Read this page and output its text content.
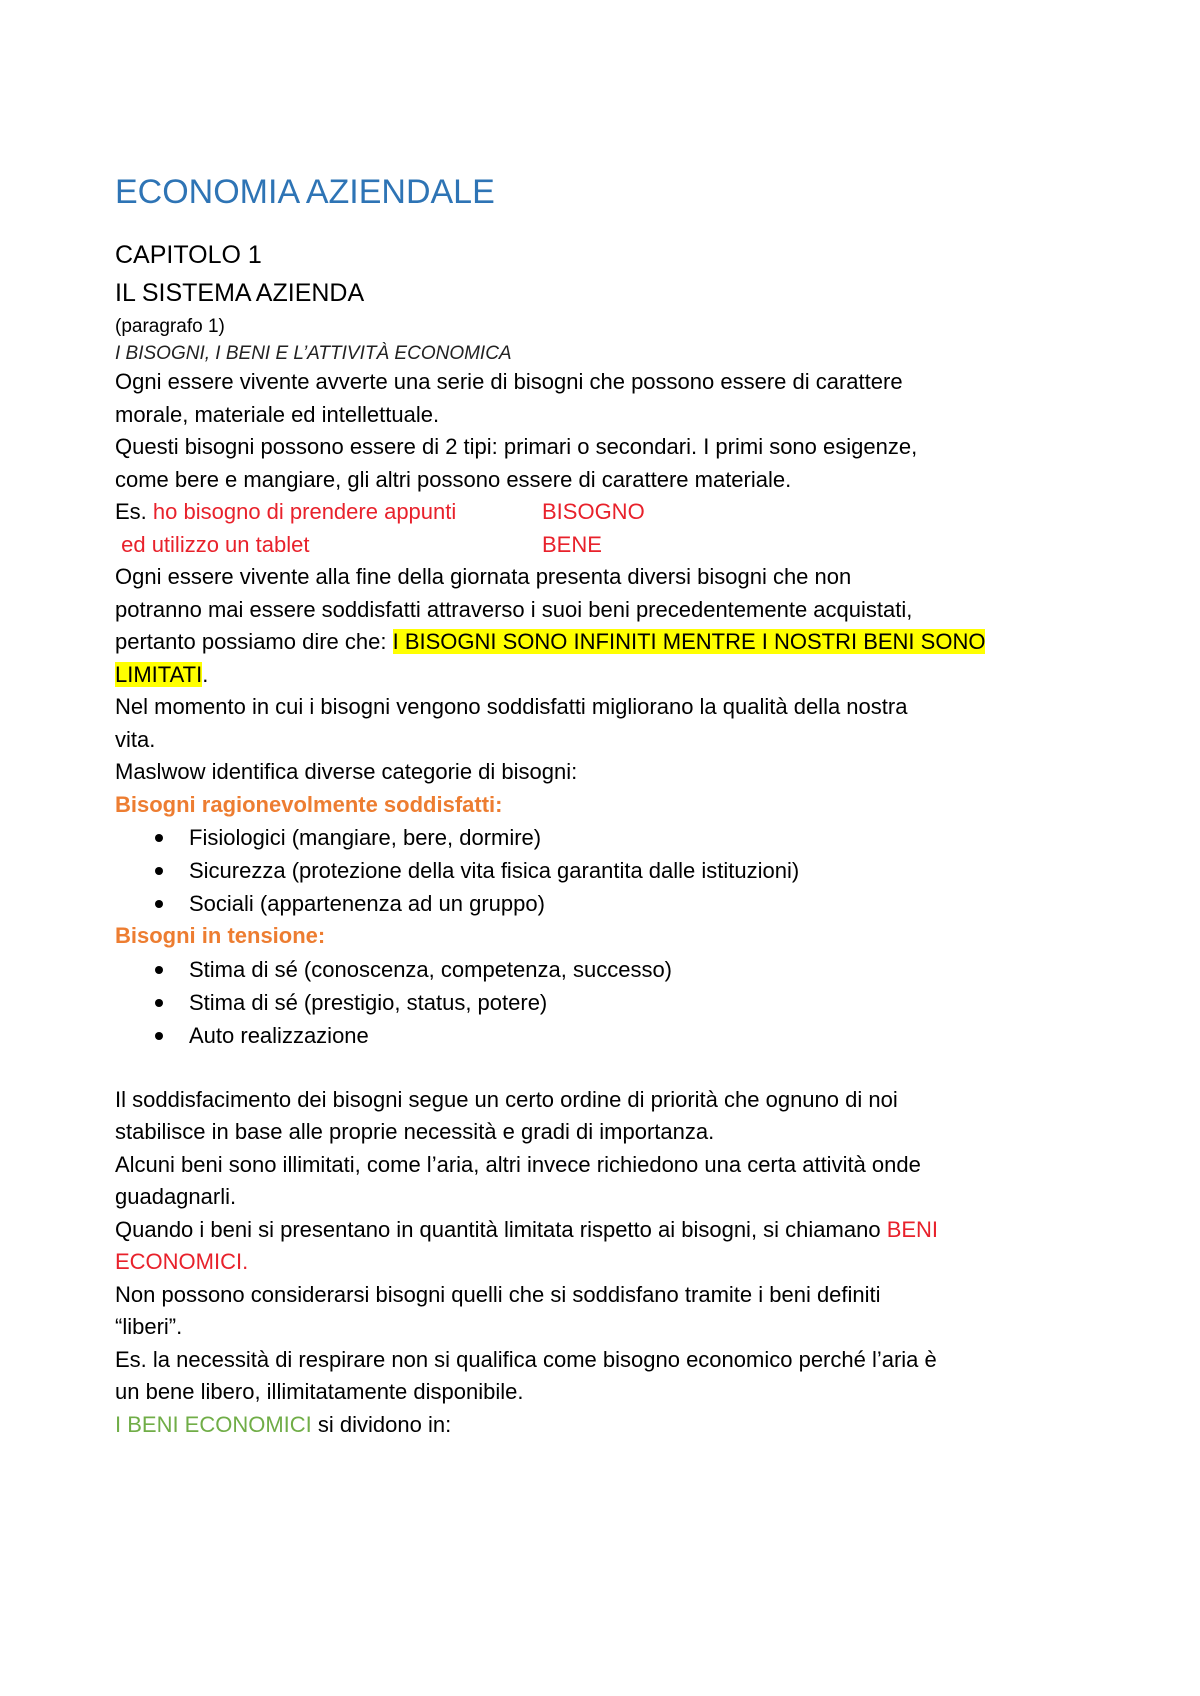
ECONOMIA AZIENDALE
CAPITOLO 1
IL SISTEMA AZIENDA
(paragrafo 1)
I BISOGNI, I BENI E L’ATTIVITÀ ECONOMICA
Ogni essere vivente avverte una serie di bisogni che possono essere di carattere
morale, materiale ed intellettuale.
Questi bisogni possono essere di 2 tipi: primari o secondari. I primi sono esigenze,
come bere e mangiare, gli altri possono essere di carattere materiale.
Es. ho bisogno di prendere appunti	BISOGNO
ed utilizzo un tablet	BENE
Ogni essere vivente alla fine della giornata presenta diversi bisogni che non
potranno mai essere soddisfatti attraverso i suoi beni precedentemente acquistati,
pertanto possiamo dire che: I BISOGNI SONO INFINITI MENTRE I NOSTRI BENI SONO
LIMITATI.
Nel momento in cui i bisogni vengono soddisfatti migliorano la qualità della nostra
vita.
Maslwow identifica diverse categorie di bisogni:
Bisogni ragionevolmente soddisfatti:
Fisiologici (mangiare, bere, dormire)
Sicurezza (protezione della vita fisica garantita dalle istituzioni)
Sociali (appartenenza ad un gruppo)
Bisogni in tensione:
Stima di sé (conoscenza, competenza, successo)
Stima di sé (prestigio, status, potere)
Auto realizzazione
Il soddisfacimento dei bisogni segue un certo ordine di priorità che ognuno di noi
stabilisce in base alle proprie necessità e gradi di importanza.
Alcuni beni sono illimitati, come l’aria, altri invece richiedono una certa attività onde
guadagnarli.
Quando i beni si presentano in quantità limitata rispetto ai bisogni, si chiamano BENI
ECONOMICI.
Non possono considerarsi bisogni quelli che si soddisfano tramite i beni definiti
“liberi”.
Es. la necessità di respirare non si qualifica come bisogno economico perché l’aria è
un bene libero, illimitatamente disponibile.
I BENI ECONOMICI si dividono in:
